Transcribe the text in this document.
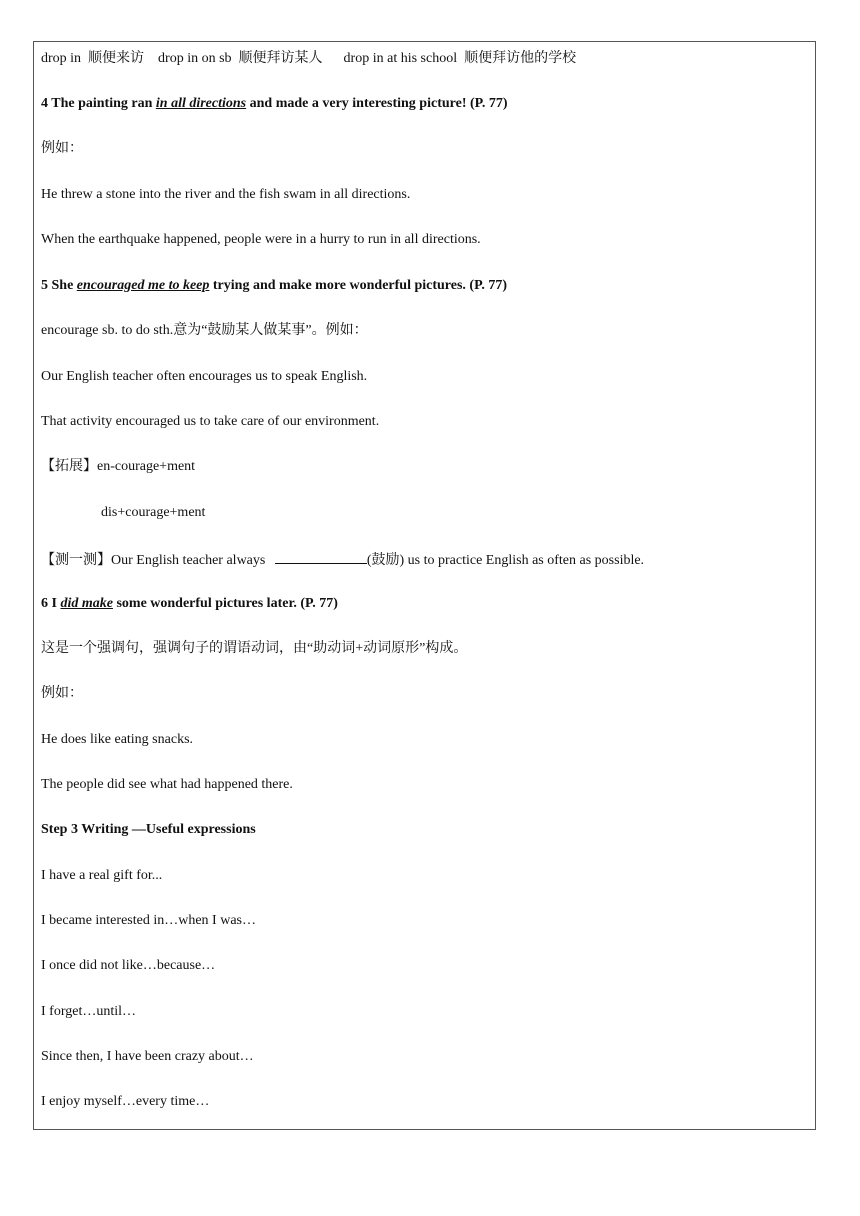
drop in  顺便来访    drop in on sb  顺便拜访某人      drop in at his school  顺便拜访他的学校
4 The painting ran in all directions and made a very interesting picture! (P. 77)
例如：
He threw a stone into the river and the fish swam in all directions.
When the earthquake happened, people were in a hurry to run in all directions.
5 She encouraged me to keep trying and make more wonderful pictures. (P. 77)
encourage sb. to do sth.意为“鼓励某人做某事”。例如：
Our English teacher often encourages us to speak English.
That activity encouraged us to take care of our environment.
【拓展】en-courage+ment
dis+courage+ment
【测一测】Our English teacher always	(鼓励) us to practice English as often as possible.
6 I did make some wonderful pictures later. (P. 77)
这是一个强调句，强调句子的谓语动词，由“助动词+动词原形”构成。
例如：
He does like eating snacks.
The people did see what had happened there.
Step 3 Writing —Useful expressions
I have a real gift for...
I became interested in…when I was…
I once did not like…because…
I forget…until…
Since then, I have been crazy about…
I enjoy myself…every time…
